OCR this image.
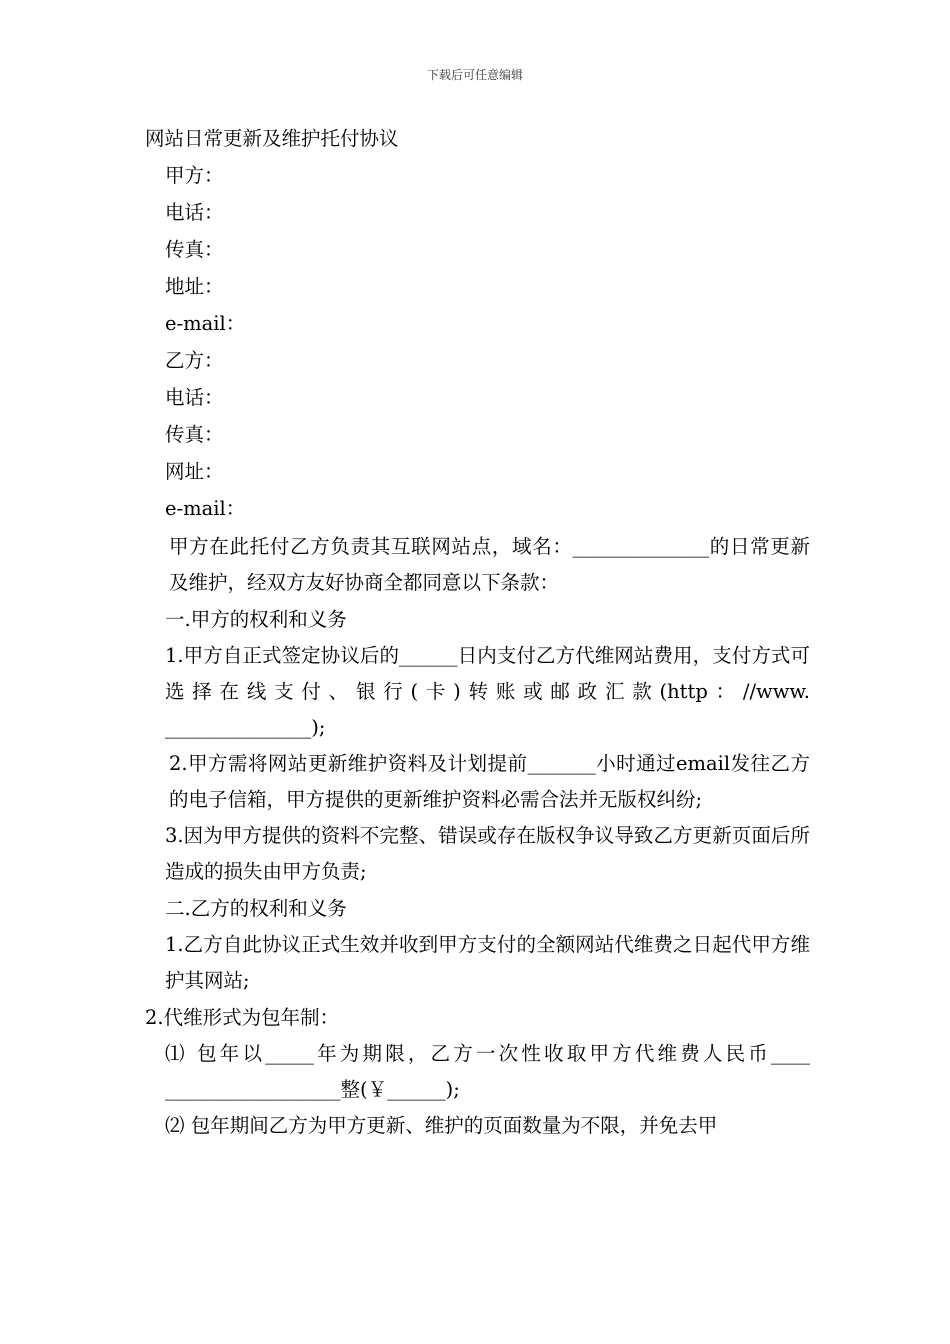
下载后可任意编辑
网站日常更新及维护托付协议
甲方：
电话：
传真：
地址：
e-mail：
乙方：
电话：
传真：
网址：
e-mail：
甲方在此托付乙方负责其互联网站点，域名：______________的日常更新及维护，经双方友好协商全都同意以下条款：
一.甲方的权利和义务
1.甲方自正式签定协议后的______日内支付乙方代维网站费用，支付方式可选择在线支付、银行(卡)转账或邮政汇款(http：//www. _______________);
2.甲方需将网站更新维护资料及计划提前_______小时通过email发往乙方的电子信箱，甲方提供的更新维护资料必需合法并无版权纠纷;
3.因为甲方提供的资料不完整、错误或存在版权争议导致乙方更新页面后所造成的损失由甲方负责;
二.乙方的权利和义务
1.乙方自此协议正式生效并收到甲方支付的全额网站代维费之日起代甲方维护其网站;
2.代维形式为包年制：
⑴ 包年以_____年为期限，乙方一次性收取甲方代维费人民币____ __________________整(￥______);
⑵ 包年期间乙方为甲方更新、维护的页面数量为不限，并免去甲
